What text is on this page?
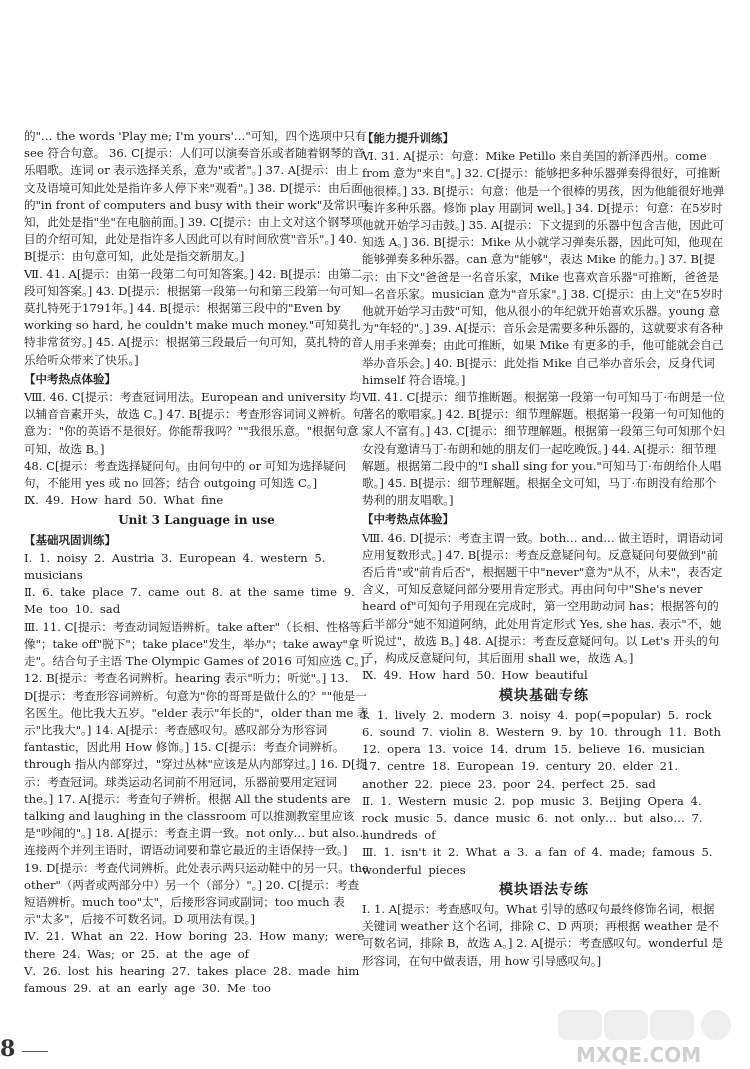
的"… the words 'Play me; I'm yours'…"可知，四个选项中只有 see 符合句意。 36. C[提示：人们可以演奏音乐或者随着钢琴的音乐唱歌。连词 or 表示选择关系，意为"或者"。] 37. A[提示：由上文及语境可知此处是指许多人停下来"观看"。] 38. D[提示：由后面的"in front of computers and busy with their work"及常识可知，此处是指"坐"在电脑前面。] 39. C[提示：由上文对这个钢琴项目的介绍可知，此处是指许多人因此可以有时间欣赏"音乐"。] 40. B[提示：由句意可知，此处是指交新朋友。]

Ⅶ. 41. A[提示：由第一段第二句可知答案。] 42. B[提示：由第二段可知答案。] 43. D[提示：根据第一段第一句和第三段第一句可知莫扎特死于1791年。] 44. B[提示：根据第三段中的"Even by working so hard, he couldn't make much money."可知莫扎特非常贫穷。] 45. A[提示：根据第三段最后一句可知，莫扎特的音乐给听众带来了快乐。]

【中考热点体验】

Ⅷ. 46. C[提示：考查冠词用法。European and university 均以辅音音素开头，故选 C。] 47. B[提示：考查形容词词义辨析。句意为："你的英语不是很好。你能帮我吗？""我很乐意。"根据句意可知，故选 B。]

48. C[提示：考查选择疑问句。由问句中的 or 可知为选择疑问句，不能用 yes 或 no 回答；结合 outgoing 可知选 C。]

Ⅸ. 49. How hard 50. What fine

Unit 3 Language in use

【基础巩固训练】

Ⅰ. 1. noisy 2. Austria 3. European 4. western 5. musicians

Ⅱ. 6. take place 7. came out 8. at the same time 9. Me too 10. sad

Ⅲ. 11. C[提示：考查动词短语辨析。take after"（长相、性格等）像"；take off"脱下"；take place"发生，举办"；take away"拿走"。结合句子主语 The Olympic Games of 2016 可知应选 C。] 12. B[提示：考查名词辨析。hearing 表示"听力；听觉"。] 13. D[提示：考查形容词辨析。句意为"你的哥哥是做什么的？""他是一名医生。他比我大五岁。"elder 表示"年长的"，older than me 表示"比我大"。] 14. A[提示：考查感叹句。感叹部分为形容词 fantastic，因此用 How 修饰。] 15. C[提示：考查介词辨析。through 指从内部穿过，"穿过丛林"应该是从内部穿过。] 16. D[提示：考查冠词。球类运动名词前不用冠词，乐器前要用定冠词 the。] 17. A[提示：考查句子辨析。根据 All the students are talking and laughing in the classroom 可以推测教室里应该是"吵闹的"。] 18. A[提示：考查主谓一致。not only… but also… 连接两个并列主语时，谓语动词要和靠它最近的主语保持一致。] 19. D[提示：考查代词辨析。此处表示两只运动鞋中的另一只。the other"（两者或两部分中）另一个（部分）"。] 20. C[提示：考查短语辨析。much too"太"，后接形容词或副词；too much 表示"太多"，后接不可数名词。D 项用法有误。]

Ⅳ. 21. What an 22. How boring 23. How many; were there 24. Was; or 25. at the age of

Ⅴ. 26. lost his hearing 27. takes place 28. made him famous 29. at an early age 30. Me too

【能力提升训练】

Ⅵ. 31. A[提示：句意：Mike Petillo 来自美国的新泽西州。come from 意为"来自"。] 32. C[提示：能够把多种乐器弹奏得很好，可推断他很棒。] 33. B[提示：句意：他是一个很棒的男孩，因为他能很好地弹奏许多种乐器。修饰 play 用副词 well。] 34. D[提示：句意：在5岁时他就开始学习击鼓。] 35. A[提示：下文提到的乐器中包含吉他，因此可知选 A。] 36. B[提示：Mike 从小就学习弹奏乐器，因此可知，他现在能够弹奏多种乐器。can 意为"能够"，表达 Mike 的能力。] 37. B[提示：由下文"爸爸是一名音乐家，Mike 也喜欢音乐器"可推断，爸爸是一名音乐家。musician 意为"音乐家"。] 38. C[提示：由上文"在5岁时他就开始学习击鼓"可知，他从很小的年纪就开始喜欢乐器。young 意为"年轻的"。] 39. A[提示：音乐会是需要多种乐器的，这就要求有各种人用手来弹奏；由此可推断，如果 Mike 有更多的手，他可能就会自己举办音乐会。] 40. B[提示：此处指 Mike 自己举办音乐会，反身代词 himself 符合语境。]

Ⅶ. 41. C[提示：细节推断题。根据第一段第一句可知马丁·布朗是一位著名的歌唱家。] 42. B[提示：细节理解题。根据第一段第一句可知他的家人不富有。] 43. C[提示：细节理解题。根据第一段第三句可知那个妇女没有邀请马丁·布朗和她的朋友们一起吃晚饭。] 44. A[提示：细节理解题。根据第二段中的"I shall sing for you."可知马丁·布朗给仆人唱歌。] 45. B[提示：细节理解题。根据全文可知，马丁·布朗没有给那个势利的朋友唱歌。]

【中考热点体验】

Ⅷ. 46. D[提示：考查主谓一致。both… and… 做主语时，谓语动词应用复数形式。] 47. B[提示：考查反意疑问句。反意疑问句要做到"前否后肯"或"前肯后否"，根据题干中"never"意为"从不，从未"，表否定含义，可知反意疑问部分要用肯定形式。再由问句中"She's never heard of"可知句子用现在完成时，第一空用助动词 has；根据答句的后半部分"她不知道阿纳，此处用肯定形式 Yes, she has. 表示"不，她听说过"，故选 B。] 48. A[提示：考查反意疑问句。以 Let's 开头的句子，构成反意疑问句，其后面用 shall we，故选 A。]

Ⅸ. 49. How hard 50. How beautiful

模块基础专练

Ⅰ. 1. lively 2. modern 3. noisy 4. pop(=popular) 5. rock 6. sound 7. violin 8. Western 9. by 10. through 11. Both 12. opera 13. voice 14. drum 15. believe 16. musician 17. centre 18. European 19. century 20. elder 21. another 22. piece 23. poor 24. perfect 25. sad

Ⅱ. 1. Western music 2. pop music 3. Beijing Opera 4. rock music 5. dance music 6. not only… but also… 7. hundreds of

Ⅲ. 1. isn't it 2. What a 3. a fan of 4. made; famous 5. wonderful pieces

模块语法专练

Ⅰ. 1. A[提示：考查感叹句。What 引导的感叹句最终修饰名词，根据关键词 weather 这个名词，排除 C、D 两项；再根据 weather 是不可数名词，排除 B，故选 A。] 2. A[提示：考查感叹句。wonderful 是形容词，在句中做表语，用 how 引导感叹句。]

8	MXQE.COM
